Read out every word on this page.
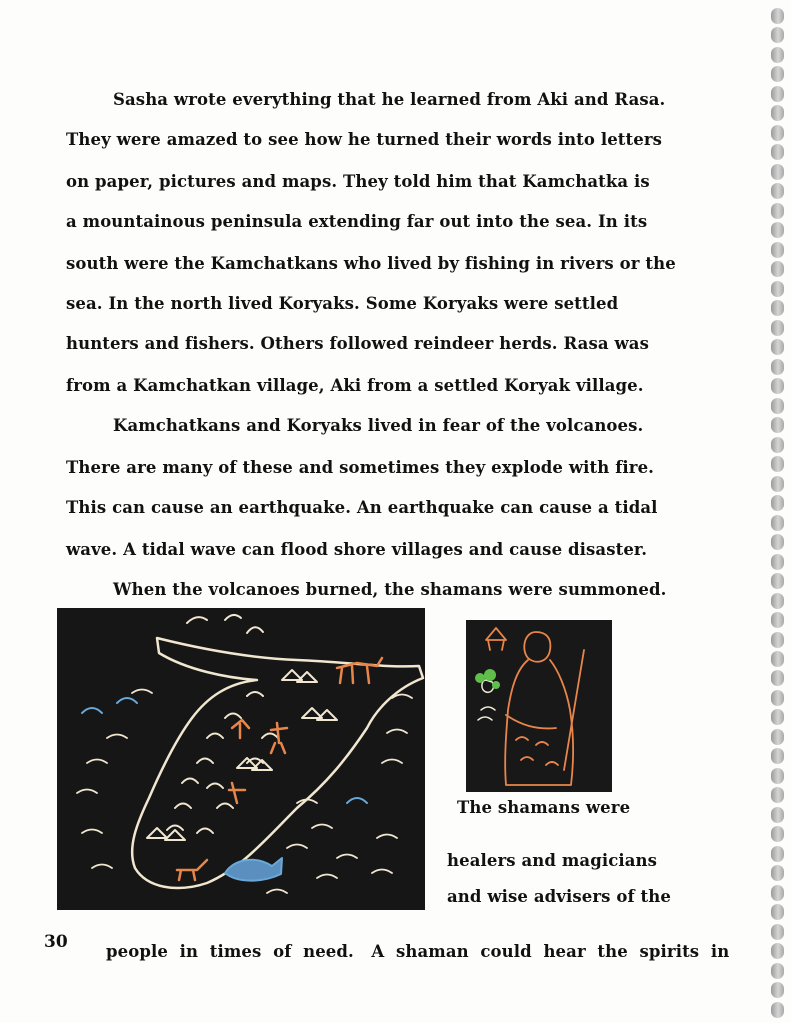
Sasha wrote everything that he learned from Aki and Rasa.
They were amazed to see how he turned their words into letters
on paper, pictures and maps. They told him that Kamchatka is
a mountainous peninsula extending far out into the sea. In its
south were the Kamchatkans who lived by fishing in rivers or the
sea. In the north lived Koryaks. Some Koryaks were settled
hunters and fishers. Others followed reindeer herds. Rasa was
from a Kamchatkan village, Aki from a settled Koryak village.
Kamchatkans and Koryaks lived in fear of the volcanoes.
There are many of these and sometimes they explode with fire.
This can cause an earthquake. An earthquake can cause a tidal
wave. A tidal wave can flood shore villages and cause disaster.
When the volcanoes burned, the shamans were summoned.
The shamans were
healers and magicians
and wise advisers of the
30 people  in  times  of  need.   A  shaman  could  hear  the  spirits  in
